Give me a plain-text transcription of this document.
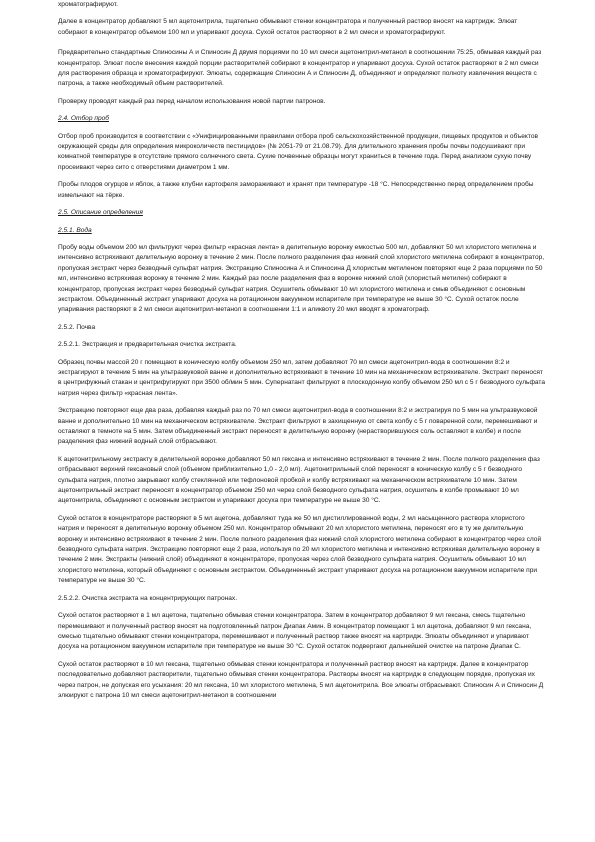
хроматографируют.

Далее в концентратор добавляют 5 мл ацетонитрила, тщательно обмывают стенки концентратора и полученный раствор вносят на картридж. Элюат собирают в концентратор объемом 100 мл и упаривают досуха. Сухой остаток растворяют в 2 мл смеси и хроматографируют.

Предварительно стандартные Спиносины А и Спиносин Д двумя порциями по 10 мл смеси ацетонитрил-метанол в соотношении 75:25, обмывая каждый раз концентратор. Элюат после внесения каждой порции растворителей собирают в концентратор и упаривают досуха. Сухой остаток растворяют в 2 мл смеси для растворения образца и хроматографируют. Элюаты, содержащие Спиносин А и Спиносин Д, объединяют и определяют полноту извлечения веществ с патрона, а также необходимый объем растворителей.

Проверку проводят каждый раз перед началом использования новой партии патронов.

2.4. Отбор проб

Отбор проб производится в соответствии с «Унифицированными правилами отбора проб сельскохозяйственной продукции, пищевых продуктов и объектов окружающей среды для определения микроколичеств пестицидов» (№ 2051-79 от 21.08.79). Для длительного хранения пробы почвы подсушивают при комнатной температуре в отсутствие прямого солнечного света. Сухие почвенные образцы могут храниться в течение года. Перед анализом сухую почву просеивают через сито с отверстиями диаметром 1 мм.

Пробы плодов огурцов и яблок, а также клубни картофеля замораживают и хранят при температуре -18 °С. Непосредственно перед определением пробы измельчают на тёрке.

2.5. Описание определения

2.5.1. Вода

Пробу воды объемом 200 мл фильтруют через фильтр «красная лента» в делительную воронку емкостью 500 мл, добавляют 50 мл хлористого метилена и интенсивно встряхивают делительную воронку в течение 2 мин. После полного разделения фаз нижний слой хлористого метилена собирают в концентратор, пропуская экстракт через безводный сульфат натрия. Экстракцию Спиносина А и Спиносина Д хлористым метиленом повторяют еще 2 раза порциями по 50 мл, интенсивно встряхивая воронку в течение 2 мин. Каждый раз после разделения фаз в воронке нижний слой (хлористый метилен) собирают в концентратор, пропуская экстракт через безводный сульфат натрия. Осушитель обмывают 10 мл хлористого метилена и смыв объединяют с основным экстрактом. Объединенный экстракт упаривают досуха на ротационном вакуумном испарителе при температуре не выше 30 °С. Сухой остаток после упаривания растворяют в 2 мл смеси ацетонитрил-метанол в соотношении 1:1 и аликвоту 20 мкл вводят в хроматограф.

2.5.2. Почва

2.5.2.1. Экстракция и предварительная очистка экстракта.

Образец почвы массой 20 г помещают в коническую колбу объемом 250 мл, затем добавляют 70 мл смеси ацетонитрил-вода в соотношении 8:2 и экстрагируют в течение 5 мин на ультразвуковой ванне и дополнительно встряхивают в течение 10 мин на механическом встряхивателе. Экстракт переносят в центрифужный стакан и центрифугируют при 3500 об/мин 5 мин. Супернатант фильтруют в плоскодонную колбу объемом 250 мл с 5 г безводного сульфата натрия через фильтр «красная лента».

Экстракцию повторяют еще два раза, добавляя каждый раз по 70 мл смеси ацетонитрил-вода в соотношении 8:2 и экстрагируя по 5 мин на ультразвуковой ванне и дополнительно 10 мин на механическом встряхивателе. Экстракт фильтруют в захищенную от света колбу с 5 г поваренной соли, перемешивают и оставляют в темноте на 5 мин. Затем объединенный экстракт переносят в делительную воронку (нерастворившуюся соль оставляют в колбе) и после разделения фаз нижний водный слой отбрасывают.

К ацетонитрильному экстракту в делительной воронке добавляют 50 мл гексана и интенсивно встряхивают в течение 2 мин. После полного разделения фаз отбрасывают верхний гексановый слой (объемом приблизительно 1,0 - 2,0 мл). Ацетонитрильный слой переносят в коническую колбу с 5 г безводного сульфата натрия, плотно закрывают колбу стеклянной или тефлоновой пробкой и колбу встряхивают на механическом встряхивателе 10 мин. Затем ацетонитрильный экстракт переносят в концентратор объемом 250 мл через слой безводного сульфата натрия, осушитель в колбе промывают 10 мл ацетонитрила, объединяют с основным экстрактом и упаривают досуха при температуре не выше 30 °С.

Сухой остаток в концентраторе растворяют в 5 мл ацетона, добавляют туда же 50 мл дистиллированной воды, 2 мл насыщенного раствора хлористого натрия и переносят в делительную воронку объемом 250 мл. Концентратор обмывают 20 мл хлористого метилена, переносят его в ту же делительную воронку и интенсивно встряхивают в течение 2 мин. После полного разделения фаз нижний слой хлористого метилена собирают в концентратор через слой безводного сульфата натрия. Экстракцию повторяют еще 2 раза, используя по 20 мл хлористого метилена и интенсивно встряхивая делительную воронку в течение 2 мин. Экстракты (нижний слой) объединяют в концентраторе, пропуская через слой безводного сульфата натрия. Осушитель обмывают 10 мл хлористого метилена, который объединяют с основным экстрактом. Объединенный экстракт упаривают досуха на ротационном вакуумном испарителе при температуре не выше 30 °С.

2.5.2.2. Очистка экстракта на концентрирующих патронах.

Сухой остаток растворяют в 1 мл ацетона, тщательно обмывая стенки концентратора. Затем в концентратор добавляют 9 мл гексана, смесь тщательно перемешивают и полученный раствор вносят на подготовленный патрон Диапак Амин. В концентратор помещают 1 мл ацетона, добавляют 9 мл гексана, смесью тщательно обмывают стенки концентратора, перемешивают и полученный раствор также вносят на картридж. Элюаты объединяют и упаривают досуха на ротационном вакуумном испарителе при температуре не выше 30 °С. Сухой остаток подвергают дальнейшей очистке на патроне Диапак С.

Сухой остаток растворяют в 10 мл гексана, тщательно обмывая стенки концентратора и полученный раствор вносят на картридж. Далее в концентратор последовательно добавляют растворители, тщательно обмывая стенки концентратора. Растворы вносят на картридж в следующем порядке, пропуская их через патрон, не допуская его усыхания: 20 мл гексана, 10 мл хлористого метилена, 5 мл ацетонитрила. Все элюаты отбрасывают. Спиносин А и Спиносин Д элюируют с патрона 10 мл смеси ацетонитрил-метанол в соотношении
